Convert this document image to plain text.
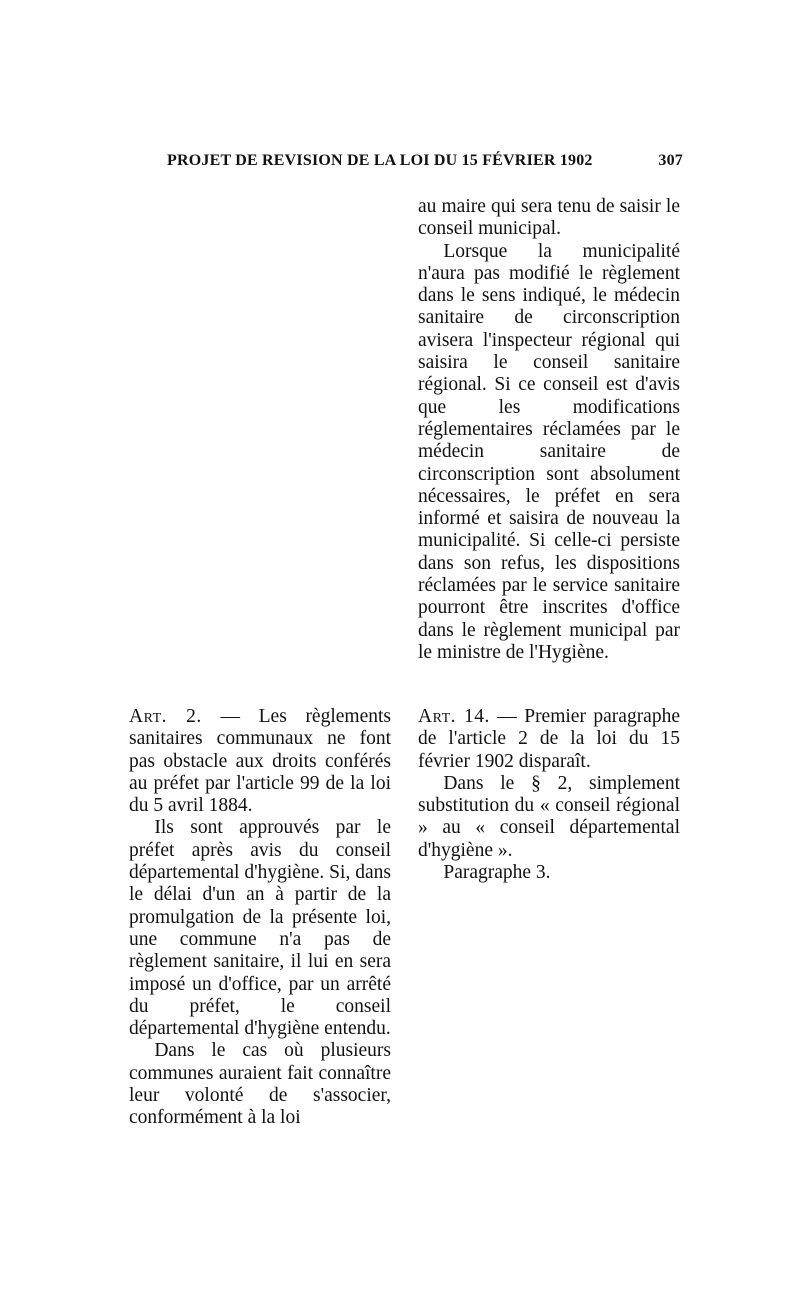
PROJET DE REVISION DE LA LOI DU 15 FÉVRIER 1902	307

au maire qui sera tenu de saisir le conseil municipal.

Lorsque la municipalité n'aura pas modifié le règlement dans le sens indiqué, le médecin sanitaire de circonscription avisera l'inspecteur régional qui saisira le conseil sanitaire régional. Si ce conseil est d'avis que les modifications réglementaires réclamées par le médecin sanitaire de circonscription sont absolument nécessaires, le préfet en sera informé et saisira de nouveau la municipalité. Si celle-ci persiste dans son refus, les dispositions réclamées par le service sanitaire pourront être inscrites d'office dans le règlement municipal par le ministre de l'Hygiène.

Art. 2. — Les règlements sanitaires communaux ne font pas obstacle aux droits conférés au préfet par l'article 99 de la loi du 5 avril 1884.

Ils sont approuvés par le préfet après avis du conseil départemental d'hygiène. Si, dans le délai d'un an à partir de la promulgation de la présente loi, une commune n'a pas de règlement sanitaire, il lui en sera imposé un d'office, par un arrêté du préfet, le conseil départemental d'hygiène entendu.

Dans le cas où plusieurs communes auraient fait connaître leur volonté de s'associer, conformément à la loi

Art. 14. — Premier paragraphe de l'article 2 de la loi du 15 février 1902 disparaît.

Dans le § 2, simplement substitution du « conseil régional » au « conseil départemental d'hygiène ».

Paragraphe 3.
